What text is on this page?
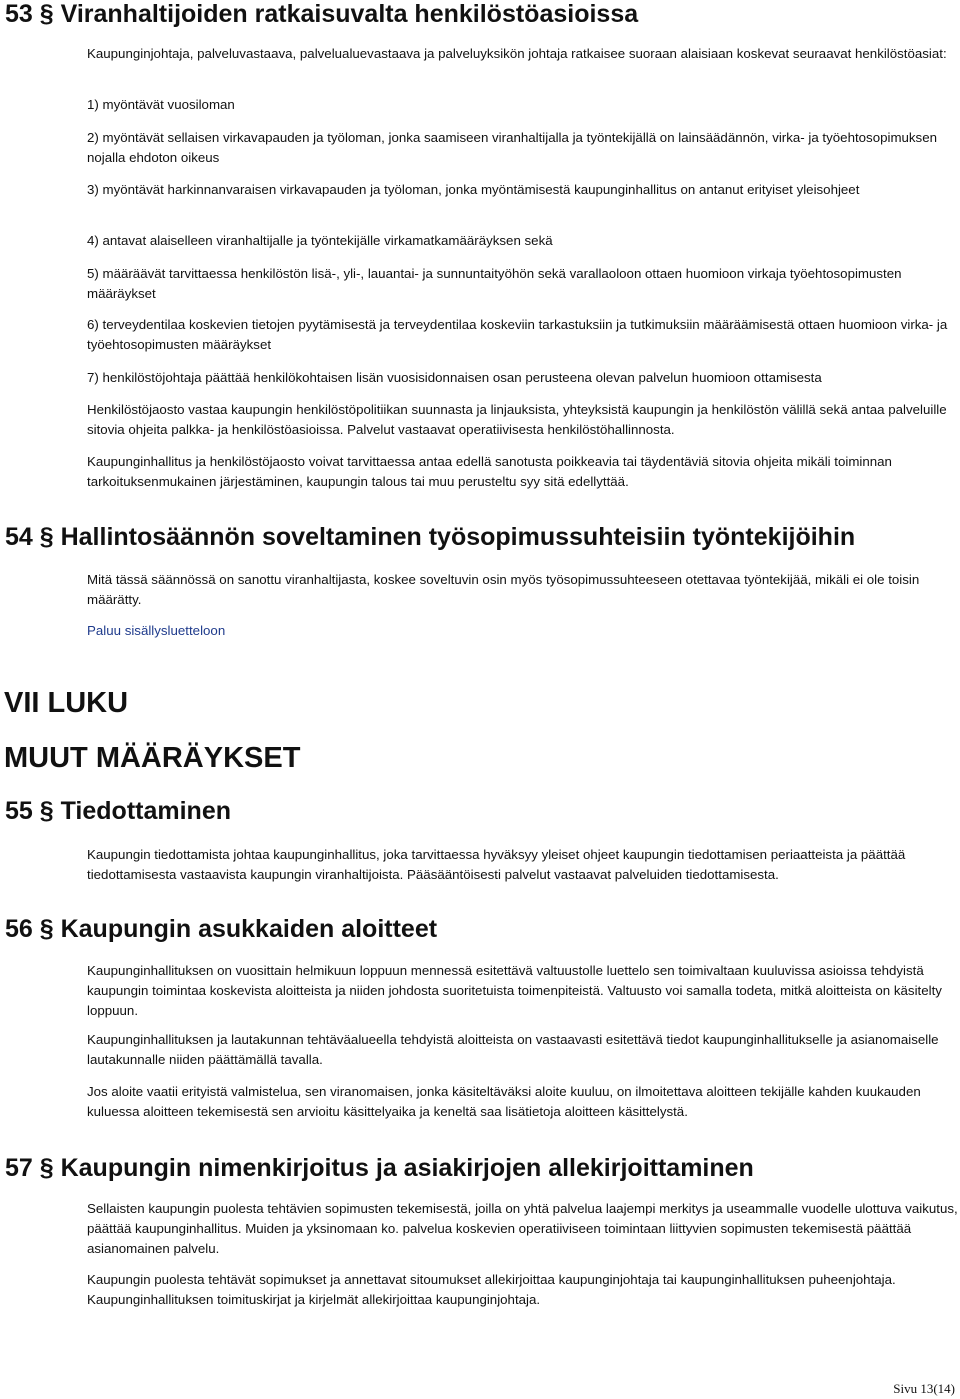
53 § Viranhaltijoiden ratkaisuvalta henkilöstöasioissa

Kaupunginjohtaja, palveluvastaava, palvelualuevastaava ja palveluyksikön johtaja ratkaisee suoraan alaisiaan koskevat seuraavat henkilöstöasiat:

1) myöntävät vuosiloman

2) myöntävät sellaisen virkavapauden ja työloman, jonka saamiseen viranhaltijalla ja työntekijällä on lainsäädännön, virka- ja työehtosopimuksen nojalla ehdoton oikeus

3) myöntävät harkinnanvaraisen virkavapauden ja työloman, jonka myöntämisestä kaupunginhallitus on antanut erityiset yleisohjeet

4) antavat alaiselleen viranhaltijalle ja työntekijälle virkamatkamääräyksen sekä

5) määräävät tarvittaessa henkilöstön lisä-, yli-, lauantai- ja sunnuntaityöhön sekä varallaoloon ottaen huomioon virkaja työehtosopimusten määräykset

6) terveydentilaa koskevien tietojen pyytämisestä ja terveydentilaa koskeviin tarkastuksiin ja tutkimuksiin määräämisestä ottaen huomioon virka- ja työehtosopimusten määräykset

7) henkilöstöjohtaja päättää henkilökohtaisen lisän vuosisidonnaisen osan perusteena olevan palvelun huomioon ottamisesta

Henkilöstöjaosto vastaa kaupungin henkilöstöpolitiikan suunnasta ja linjauksista, yhteyksistä kaupungin ja henkilöstön välillä sekä antaa palveluille sitovia ohjeita palkka- ja henkilöstöasioissa. Palvelut vastaavat operatiivisesta henkilöstöhallinnosta.

Kaupunginhallitus ja henkilöstöjaosto voivat tarvittaessa antaa edellä sanotusta poikkeavia tai täydentäviä sitovia ohjeita mikäli toiminnan tarkoituksenmukainen järjestäminen, kaupungin talous tai muu perusteltu syy sitä edellyttää.

54 § Hallintosäännön soveltaminen työsopimussuhteisiin työntekijöihin

Mitä tässä säännössä on sanottu viranhaltijasta, koskee soveltuvin osin myös työsopimussuhteeseen otettavaa työntekijää, mikäli ei ole toisin määrätty.

Paluu sisällysluetteloon
VII LUKU
MUUT MÄÄRÄYKSET
55 § Tiedottaminen

Kaupungin tiedottamista johtaa kaupunginhallitus, joka tarvittaessa hyväksyy yleiset ohjeet kaupungin tiedottamisen periaatteista ja päättää tiedottamisesta vastaavista kaupungin viranhaltijoista. Pääsääntöisesti palvelut vastaavat palveluiden tiedottamisesta.

56 § Kaupungin asukkaiden aloitteet

Kaupunginhallituksen on vuosittain helmikuun loppuun mennessä esitettävä valtuustolle luettelo sen toimivaltaan kuuluvissa asioissa tehdyistä kaupungin toimintaa koskevista aloitteista ja niiden johdosta suoritetuista toimenpiteistä. Valtuusto voi samalla todeta, mitkä aloitteista on käsitelty loppuun.

Kaupunginhallituksen ja lautakunnan tehtäväalueella tehdyistä aloitteista on vastaavasti esitettävä tiedot kaupunginhallitukselle ja asianomaiselle lautakunnalle niiden päättämällä tavalla.

Jos aloite vaatii erityistä valmistelua, sen viranomaisen, jonka käsiteltäväksi aloite kuuluu, on ilmoitettava aloitteen tekijälle kahden kuukauden kuluessa aloitteen tekemisestä sen arvioitu käsittelyaika ja keneltä saa lisätietoja aloitteen käsittelystä.

57 § Kaupungin nimenkirjoitus ja asiakirjojen allekirjoittaminen

Sellaisten kaupungin puolesta tehtävien sopimusten tekemisestä, joilla on yhtä palvelua laajempi merkitys ja useammalle vuodelle ulottuva vaikutus, päättää kaupunginhallitus. Muiden ja yksinomaan ko. palvelua koskevien operatiiviseen toimintaan liittyvien sopimusten tekemisestä päättää asianomainen palvelu.

Kaupungin puolesta tehtävät sopimukset ja annettavat sitoumukset allekirjoittaa kaupunginjohtaja tai kaupunginhallituksen puheenjohtaja. Kaupunginhallituksen toimituskirjat ja kirjelmät allekirjoittaa kaupunginjohtaja.

Sivu 13(14)
